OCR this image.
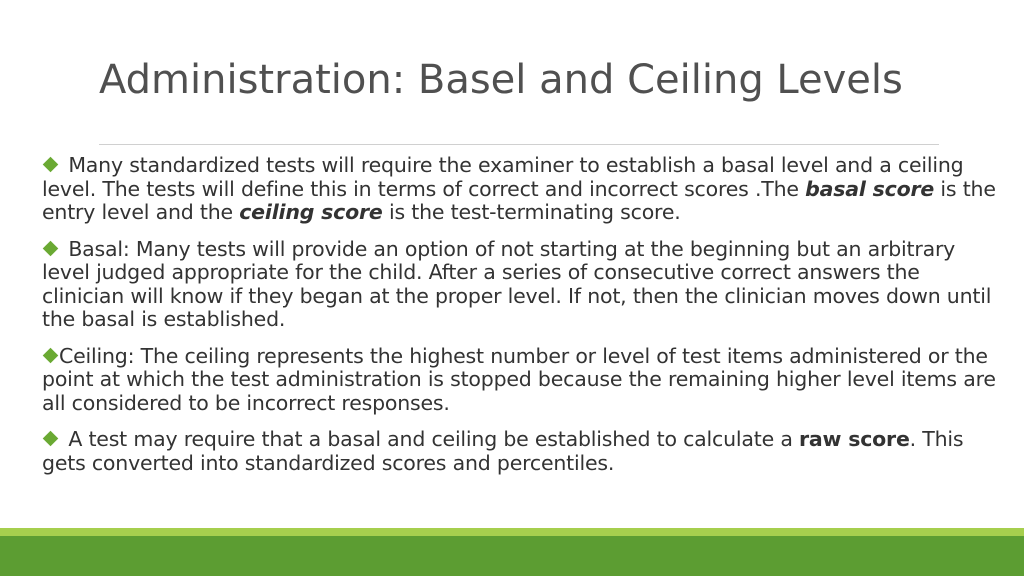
Administration: Basel and Ceiling Levels
Many standardized tests will require the examiner to establish a basal level and a ceiling level. The tests will define this in terms of correct and incorrect scores .The basal score is the entry level and the ceiling score is the test-terminating score.
Basal: Many tests will provide an option of not starting at the beginning but an arbitrary level judged appropriate for the child. After a series of consecutive correct answers the clinician will know if they began at the proper level. If not, then the clinician moves down until the basal is established.
Ceiling: The ceiling represents the highest number or level of test items administered or the point at which the test administration is stopped because the remaining higher level items are all considered to be incorrect responses.
A test may require that a basal and ceiling be established to calculate a raw score. This gets converted into standardized scores and percentiles.
